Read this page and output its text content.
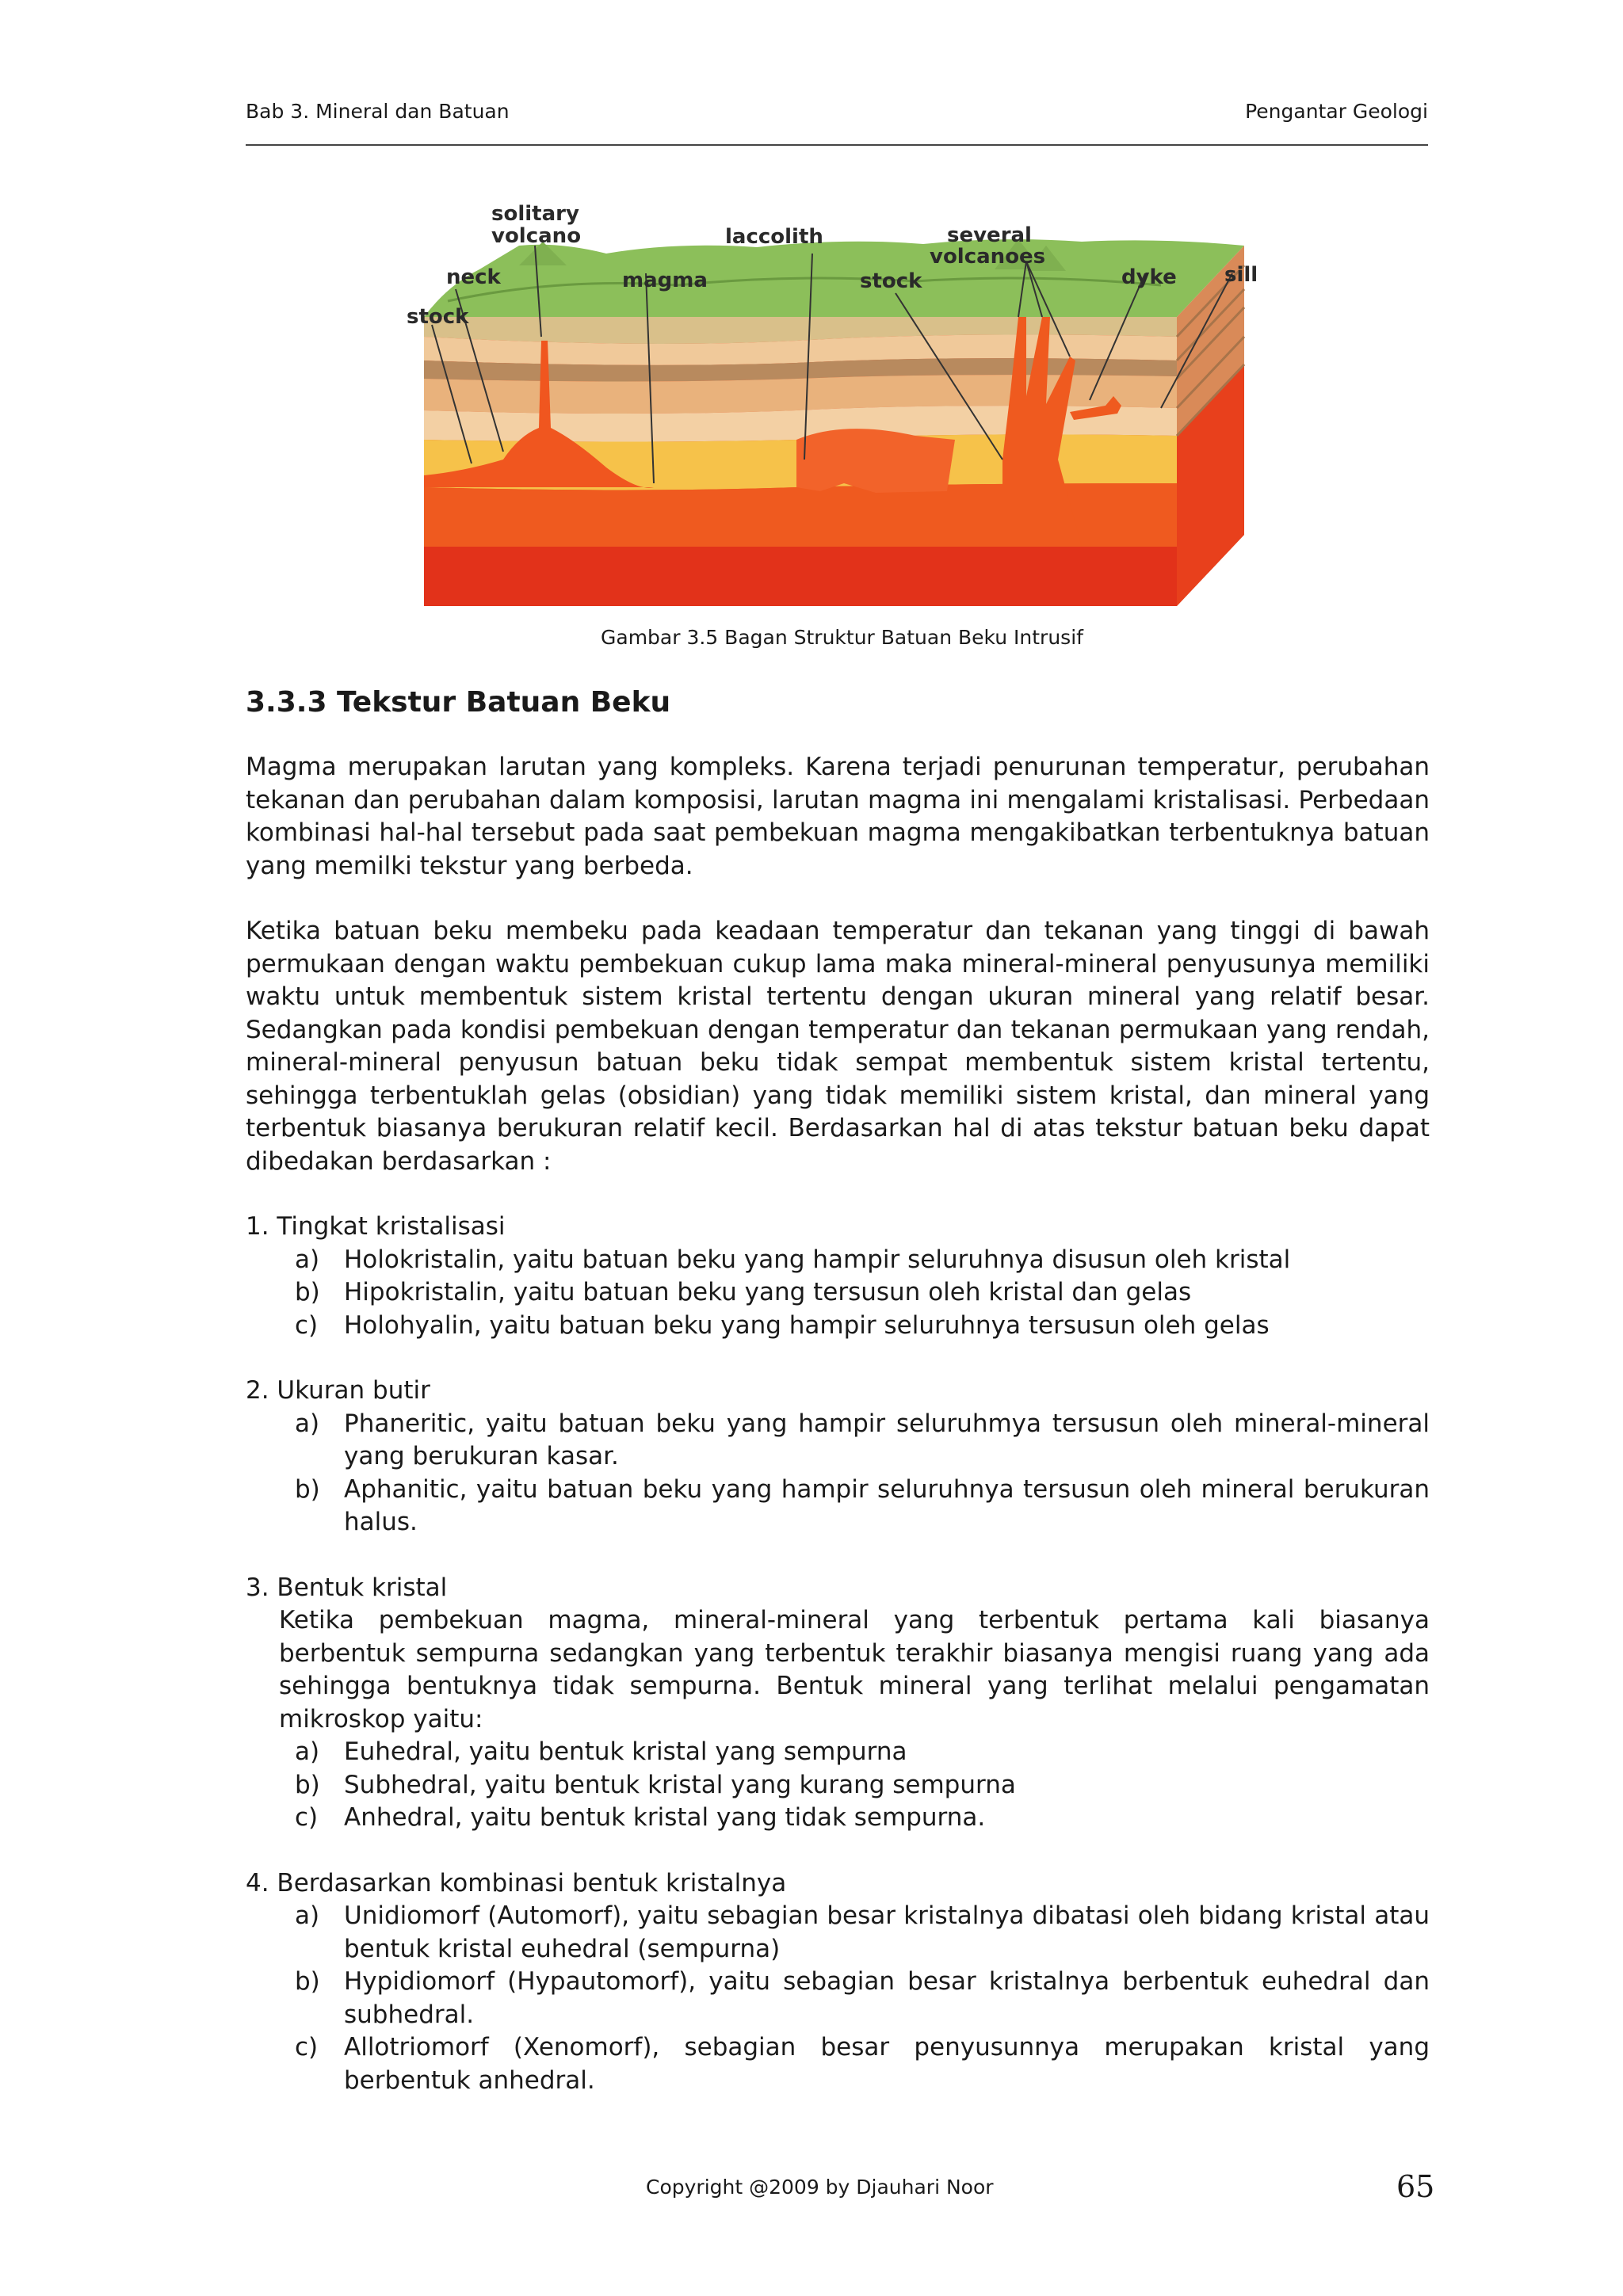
Bab 3. Mineral dan Batuan	Pengantar Geologi
solitary
volcano
neck
stock
magma
laccolith	several
volcanoes
stock	dyke sill
Gambar 3.5 Bagan Struktur Batuan Beku Intrusif
3.3.3 Tekstur Batuan Beku

Magma merupakan larutan yang kompleks. Karena terjadi penurunan temperatur, perubahan tekanan dan perubahan dalam komposisi, larutan magma ini mengalami kristalisasi. Perbedaan kombinasi hal-hal tersebut pada saat pembekuan magma mengakibatkan terbentuknya batuan yang memilki tekstur yang berbeda.

Ketika batuan beku membeku pada keadaan temperatur dan tekanan yang tinggi di bawah permukaan dengan waktu pembekuan cukup lama maka mineral-mineral penyusunya memiliki waktu untuk membentuk sistem kristal tertentu dengan ukuran mineral yang relatif besar. Sedangkan pada kondisi pembekuan dengan temperatur dan tekanan permukaan yang rendah, mineral-mineral penyusun batuan beku tidak sempat membentuk sistem kristal tertentu, sehingga terbentuklah gelas (obsidian) yang tidak memiliki sistem kristal, dan mineral yang terbentuk biasanya berukuran relatif kecil. Berdasarkan hal di atas tekstur batuan beku dapat dibedakan berdasarkan :

1. Tingkat kristalisasi
a) Holokristalin, yaitu batuan beku yang hampir seluruhnya disusun oleh kristal
b) Hipokristalin, yaitu batuan beku yang tersusun oleh kristal dan gelas
c)	Holohyalin, yaitu batuan beku yang hampir seluruhnya tersusun oleh gelas
2. Ukuran butir
a) Phaneritic, yaitu batuan beku yang hampir seluruhmya tersusun oleh mineral-mineral yang berukuran kasar.
b) Aphanitic, yaitu batuan beku yang hampir seluruhnya tersusun oleh mineral berukuran halus.
3. Bentuk kristal
Ketika pembekuan magma, mineral-mineral yang terbentuk pertama kali biasanya berbentuk sempurna sedangkan yang terbentuk terakhir biasanya mengisi ruang yang ada sehingga bentuknya tidak sempurna. Bentuk mineral yang terlihat melalui pengamatan mikroskop yaitu:
a) Euhedral, yaitu bentuk kristal yang sempurna
b) Subhedral, yaitu bentuk kristal yang kurang sempurna
c)	Anhedral, yaitu bentuk kristal yang tidak sempurna.
4. Berdasarkan kombinasi bentuk kristalnya
a) Unidiomorf (Automorf), yaitu sebagian besar kristalnya dibatasi oleh bidang kristal atau bentuk kristal euhedral (sempurna)
b) Hypidiomorf (Hypautomorf), yaitu sebagian besar kristalnya berbentuk euhedral dan subhedral.
c)	Allotriomorf (Xenomorf), sebagian besar penyusunnya merupakan kristal yang berbentuk anhedral.
Copyright @2009 by Djauhari Noor	65
